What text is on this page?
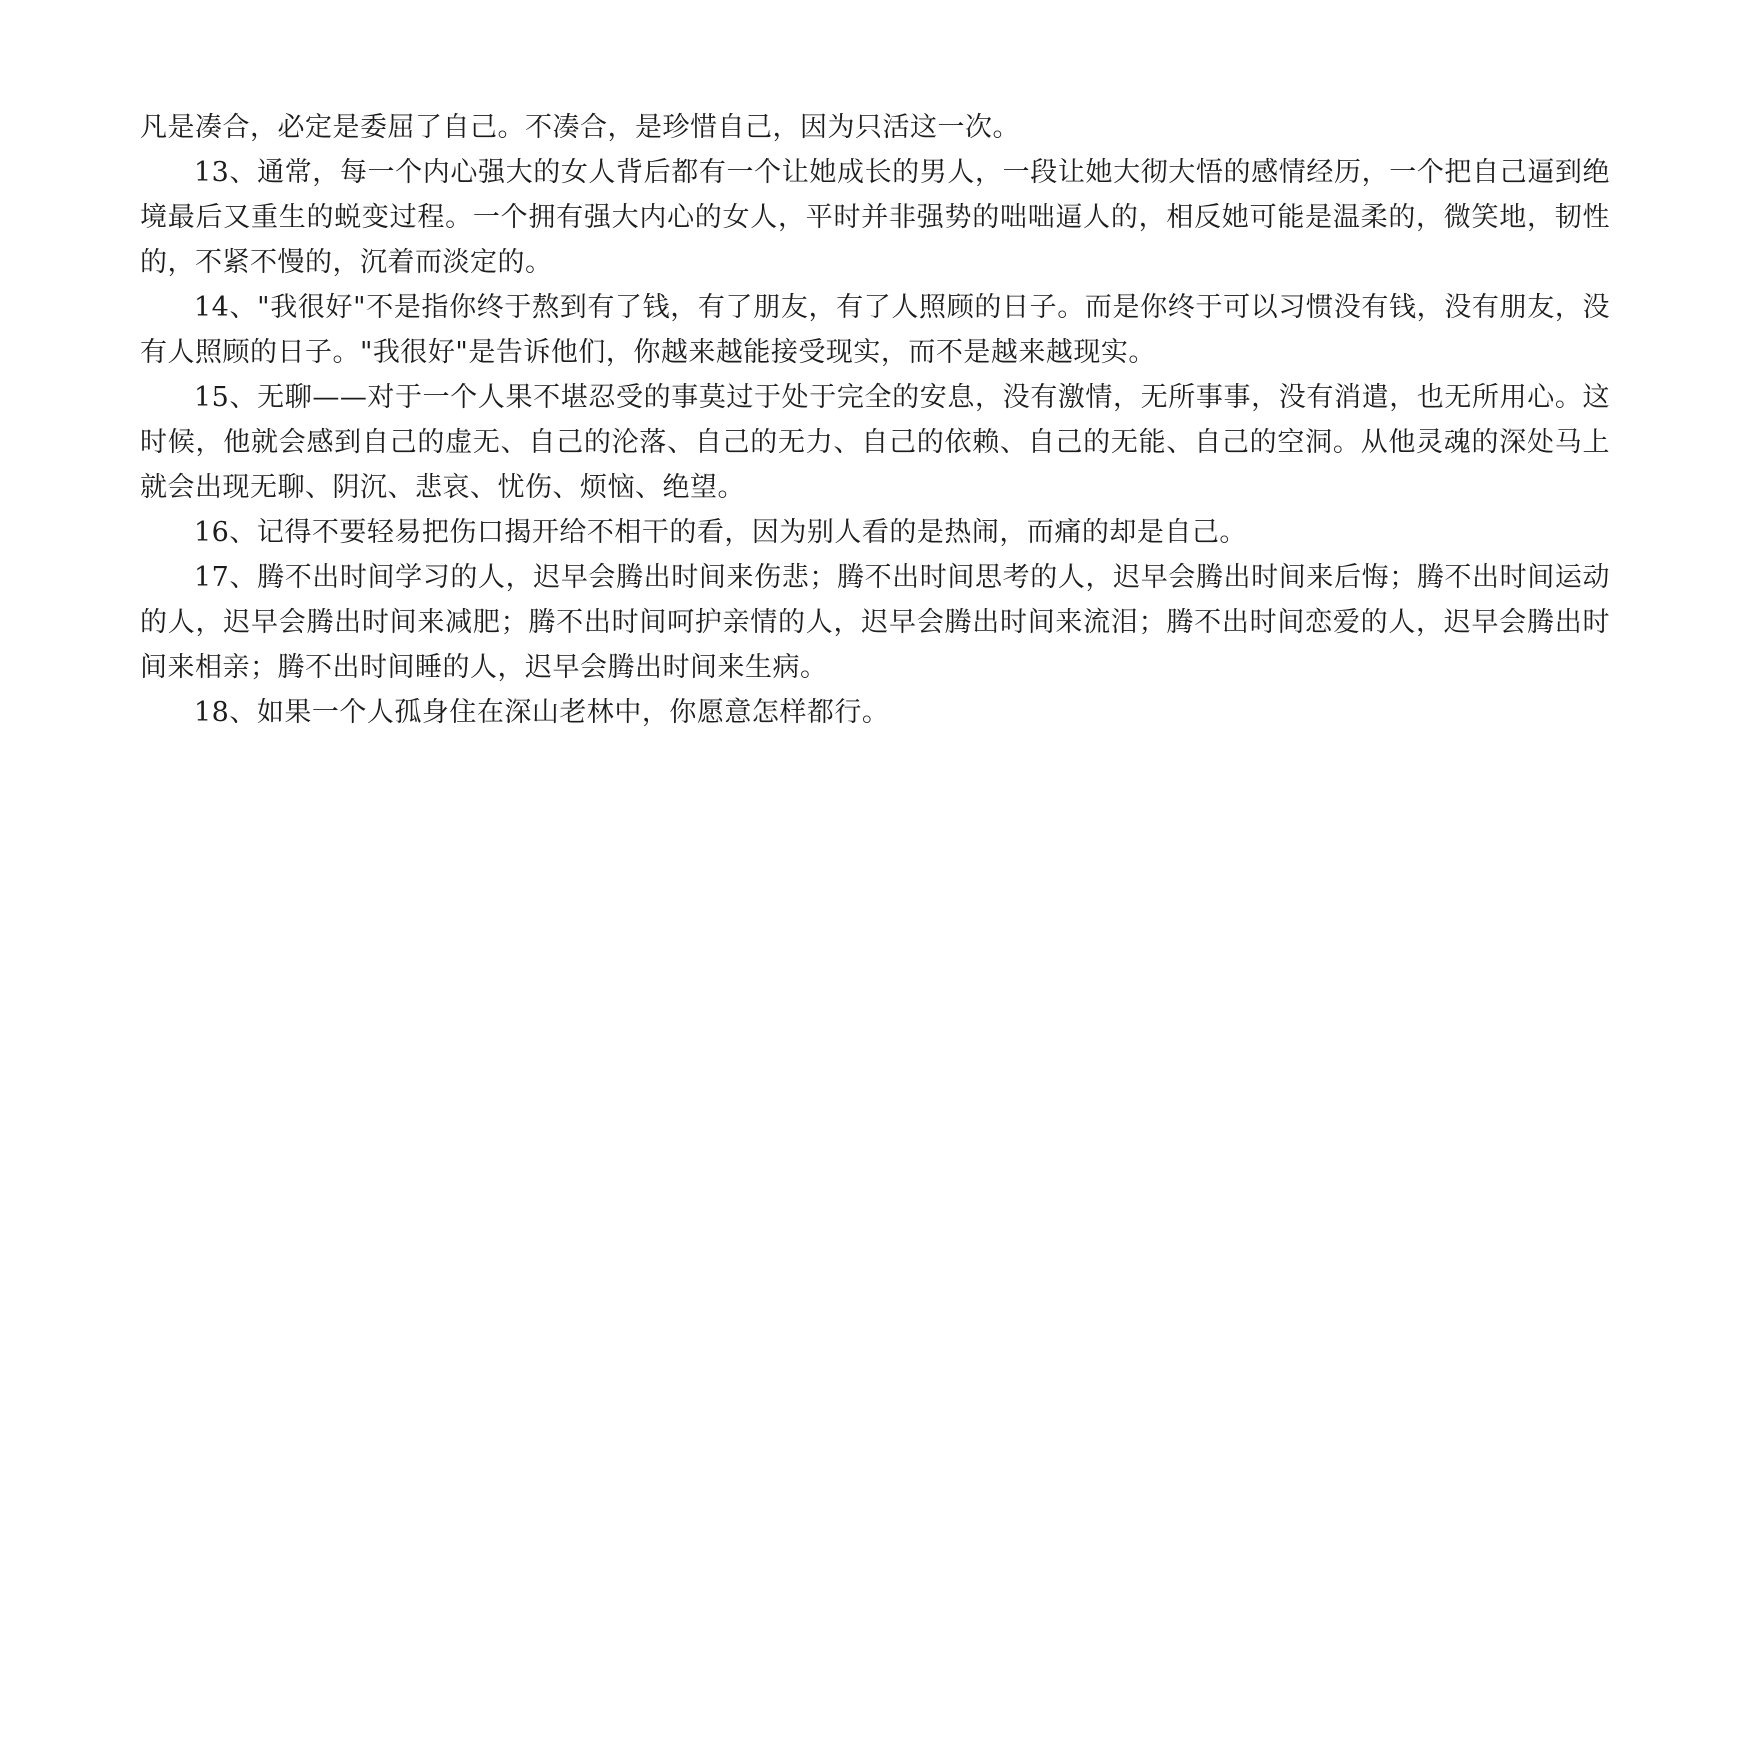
凡是凑合，必定是委屈了自己。不凑合，是珍惜自己，因为只活这一次。

13、通常，每一个内心强大的女人背后都有一个让她成长的男人，一段让她大彻大悟的感情经历，一个把自己逼到绝境最后又重生的蜕变过程。一个拥有强大内心的女人，平时并非强势的咄咄逼人的，相反她可能是温柔的，微笑地，韧性的，不紧不慢的，沉着而淡定的。

14、"我很好"不是指你终于熬到有了钱，有了朋友，有了人照顾的日子。而是你终于可以习惯没有钱，没有朋友，没有人照顾的日子。"我很好"是告诉他们，你越来越能接受现实，而不是越来越现实。

15、无聊——对于一个人果不堪忍受的事莫过于处于完全的安息，没有激情，无所事事，没有消遣，也无所用心。这时候，他就会感到自己的虚无、自己的沦落、自己的无力、自己的依赖、自己的无能、自己的空洞。从他灵魂的深处马上就会出现无聊、阴沉、悲哀、忧伤、烦恼、绝望。

16、记得不要轻易把伤口揭开给不相干的看，因为别人看的是热闹，而痛的却是自己。

17、腾不出时间学习的人，迟早会腾出时间来伤悲；腾不出时间思考的人，迟早会腾出时间来后悔；腾不出时间运动的人，迟早会腾出时间来减肥；腾不出时间呵护亲情的人，迟早会腾出时间来流泪；腾不出时间恋爱的人，迟早会腾出时间来相亲；腾不出时间睡的人，迟早会腾出时间来生病。

18、如果一个人孤身住在深山老林中，你愿意怎样都行。
